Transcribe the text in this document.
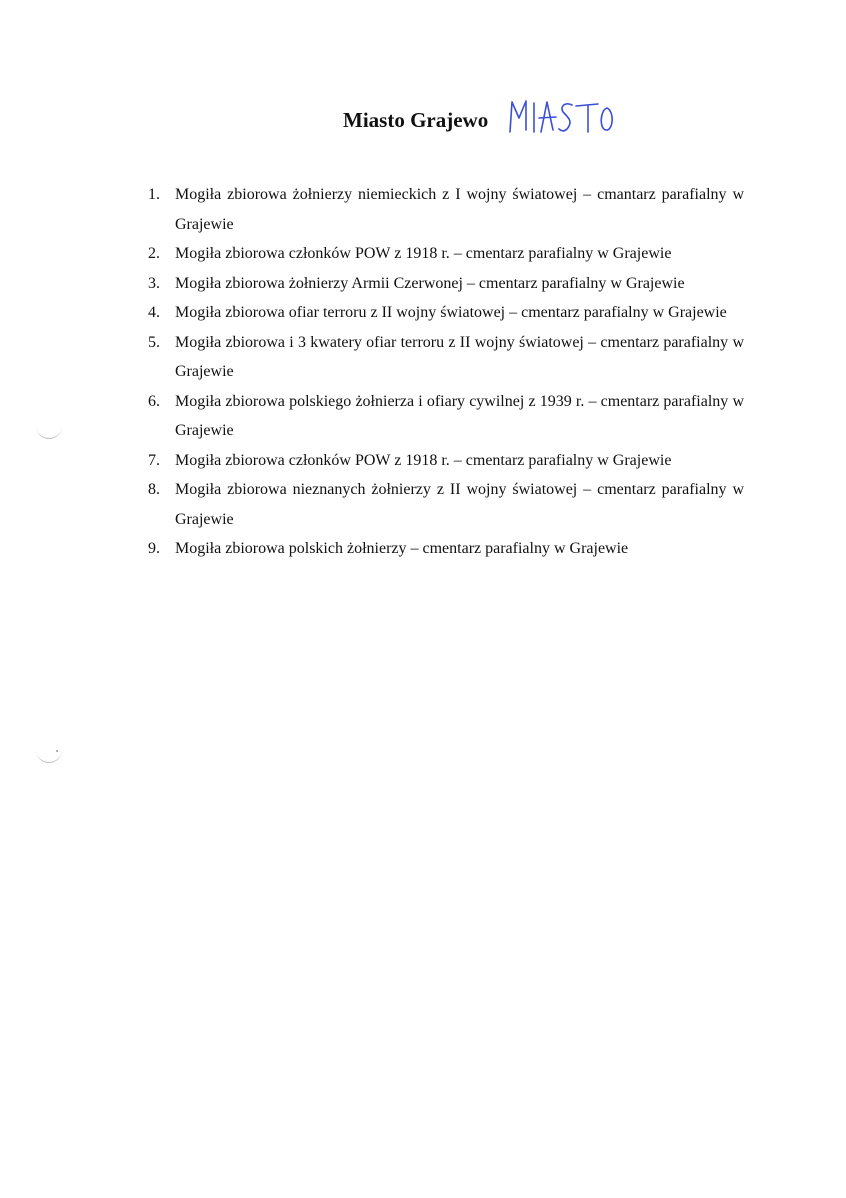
Miasto Grajewo
1. Mogiła zbiorowa żołnierzy niemieckich z I wojny światowej – cmantarz parafialny w Grajewie
2. Mogiła zbiorowa członków POW z 1918 r. – cmentarz parafialny w Grajewie
3. Mogiła zbiorowa żołnierzy Armii Czerwonej – cmentarz parafialny w Grajewie
4. Mogiła zbiorowa ofiar terroru z II wojny światowej – cmentarz parafialny w Grajewie
5. Mogiła zbiorowa i 3 kwatery ofiar terroru z II wojny światowej – cmentarz parafialny w Grajewie
6. Mogiła zbiorowa polskiego żołnierza i ofiary cywilnej z 1939 r. – cmentarz parafialny w Grajewie
7. Mogiła zbiorowa członków POW z 1918 r. – cmentarz parafialny w Grajewie
8. Mogiła zbiorowa nieznanych żołnierzy z II wojny światowej – cmentarz parafialny w Grajewie
9. Mogiła zbiorowa polskich żołnierzy – cmentarz parafialny w Grajewie
